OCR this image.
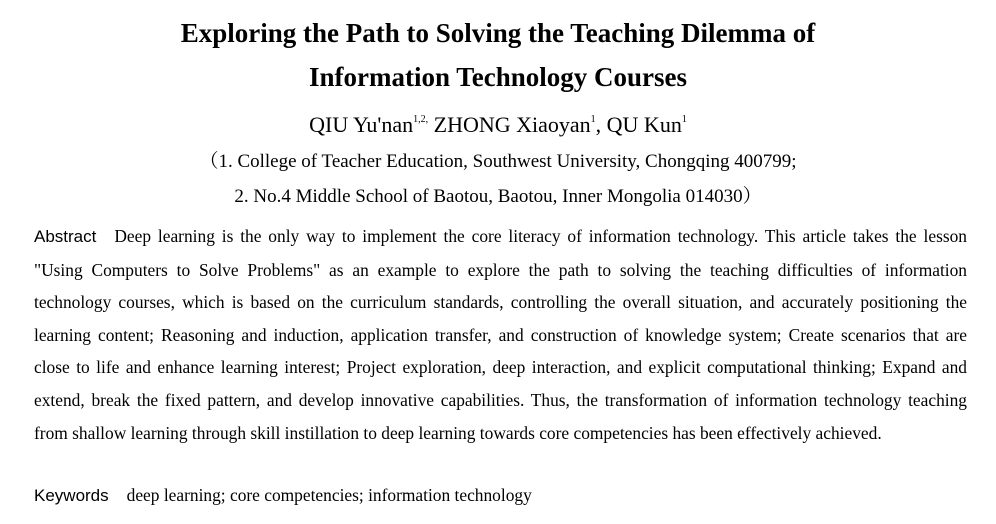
Exploring the Path to Solving the Teaching Dilemma of
Information Technology Courses
QIU Yu'nan$^{1,2,}$ ZHONG Xiaoyan$^1$, QU Kun$^1$
（1. College of Teacher Education, Southwest University, Chongqing 400799;
2. No.4 Middle School of Baotou, Baotou, Inner Mongolia 014030）
Abstract Deep learning is the only way to implement the core literacy of information technology. This article takes the lesson "Using Computers to Solve Problems" as an example to explore the path to solving the teaching difficulties of information technology courses, which is based on the curriculum standards, controlling the overall situation, and accurately positioning the learning content; Reasoning and induction, application transfer, and construction of knowledge system; Create scenarios that are close to life and enhance learning interest; Project exploration, deep interaction, and explicit computational thinking; Expand and extend, break the fixed pattern, and develop innovative capabilities. Thus, the transformation of information technology teaching from shallow learning through skill instillation to deep learning towards core competencies has been effectively achieved.
Keywords deep learning; core competencies; information technology
